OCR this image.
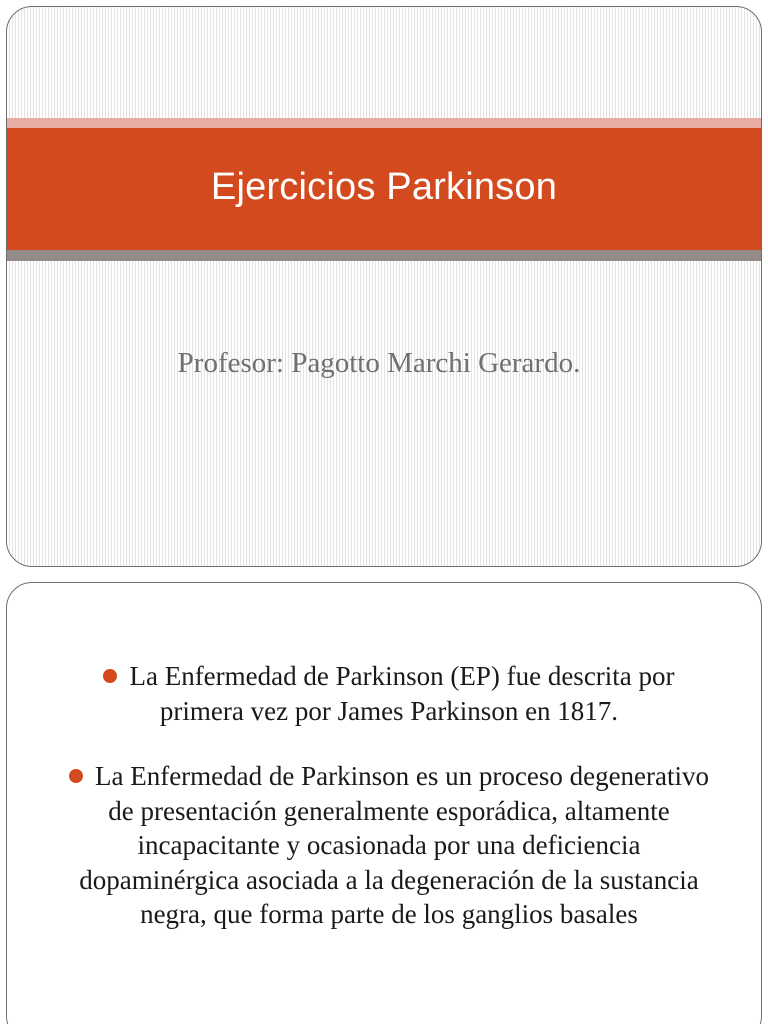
Ejercicios Parkinson
Profesor: Pagotto Marchi Gerardo.
La Enfermedad de Parkinson (EP) fue descrita por primera vez por James Parkinson en 1817.
La Enfermedad de Parkinson es un proceso degenerativo de presentación generalmente esporádica, altamente incapacitante y ocasionada por una deficiencia dopaminérgica asociada a la degeneración de la sustancia negra, que forma parte de los ganglios basales
